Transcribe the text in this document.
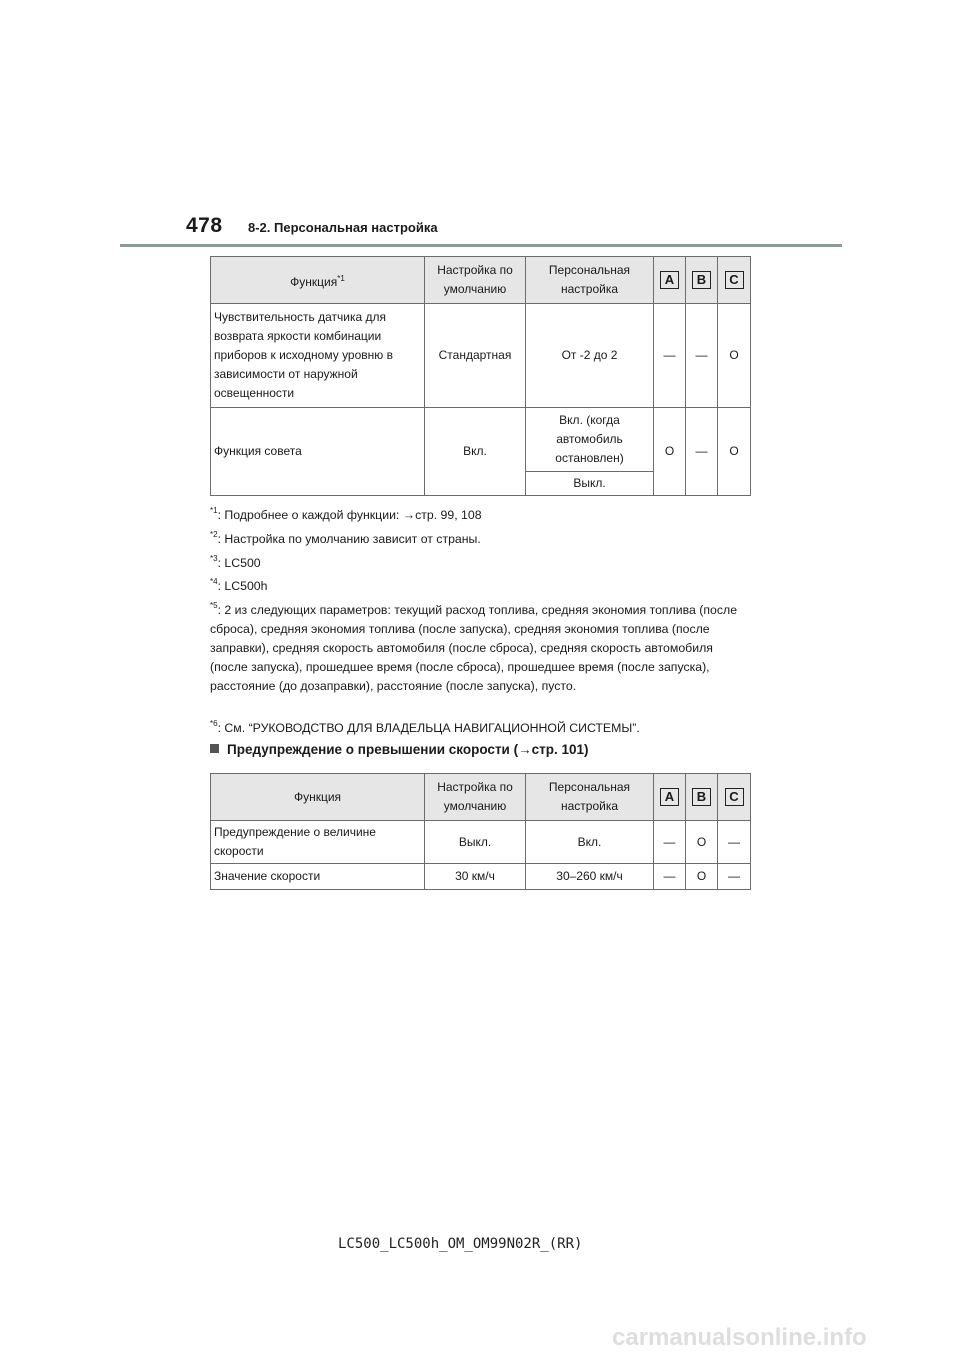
478 8-2. Персональная настройка
Функция$^{*1}$	Настройка по умолчанию	Персональная настройка	A	B	C
Чувствительность датчика для возврата яркости комбинации приборов к исходному уровню в зависимости от наружной освещенности	Стандартная	От -2 до 2	—	—	O
Функция совета	Вкл.	Вкл. (когда автомобиль остановлен)	O	—	O
		Выкл.			
$^{*1}$: Подробнее о каждой функции: →стр. 99, 108
$^{*2}$: Настройка по умолчанию зависит от страны.
$^{*3}$: LC500
$^{*4}$: LC500h
$^{*5}$: 2 из следующих параметров: текущий расход топлива, средняя экономия топлива (после сброса), средняя экономия топлива (после запуска), средняя экономия топлива (после заправки), средняя скорость автомобиля (после сброса), средняя скорость автомобиля (после запуска), прошедшее время (после сброса), прошедшее время (после запуска), расстояние (до дозаправки), расстояние (после запуска), пусто.
$^{*6}$: См. “РУКОВОДСТВО ДЛЯ ВЛАДЕЛЬЦА НАВИГАЦИОННОЙ СИСТЕМЫ”.
Предупреждение о превышении скорости (→стр. 101)
Функция	Настройка по умолчанию	Персональная настройка	A	B	C
Предупреждение о величине скорости	Выкл.	Вкл.	—	O	—
Значение скорости	30 км/ч	30–260 км/ч	—	O	—
LC500_LC500h_OM_OM99N02R_(RR)
carmanualsonline.info
